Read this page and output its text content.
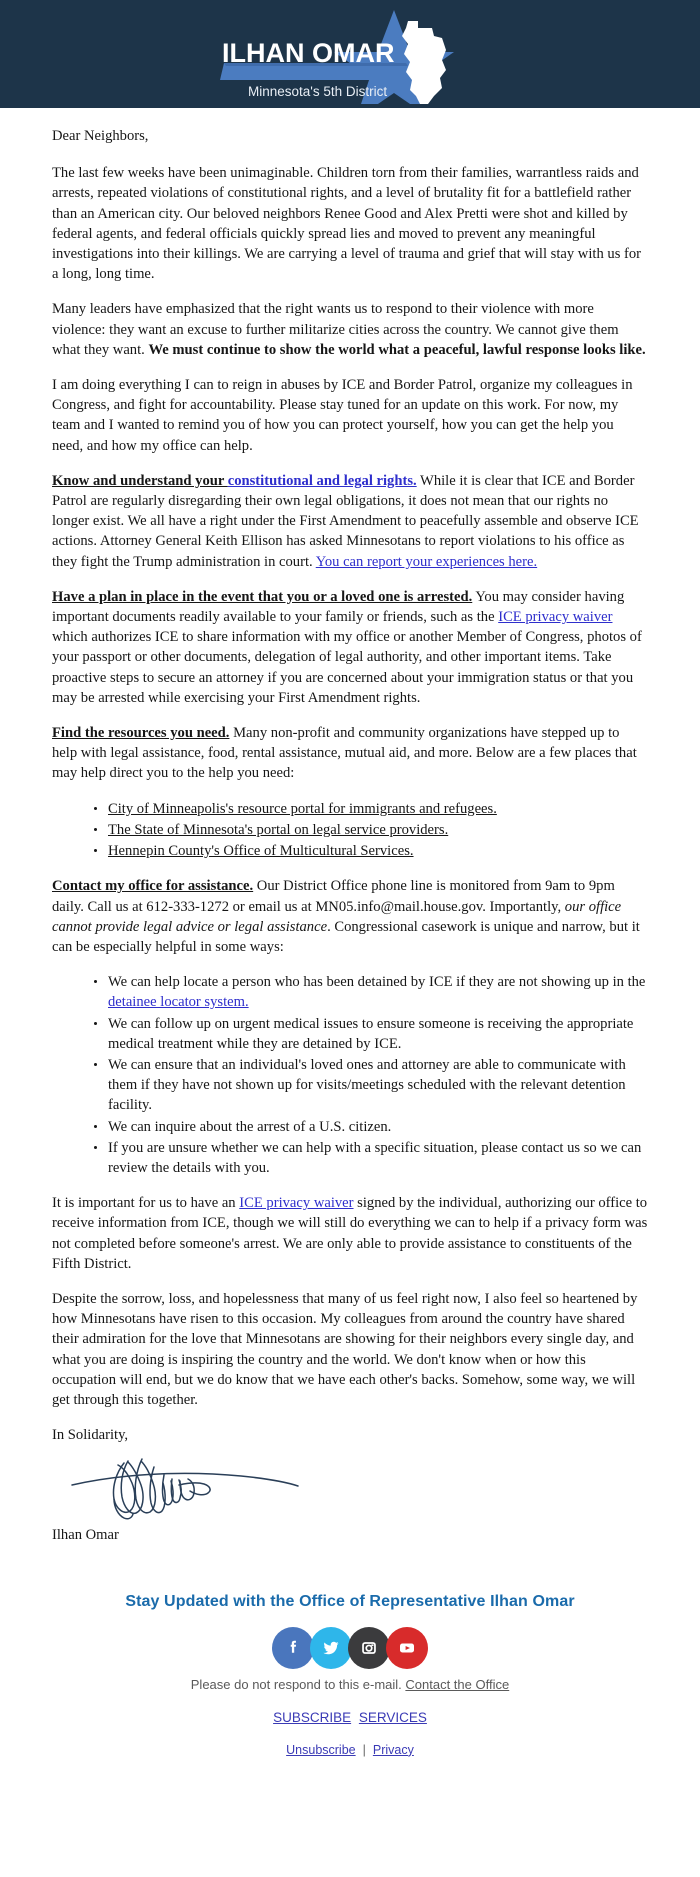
ILHAN OMAR
Minnesota's 5th District

Dear Neighbors,

The last few weeks have been unimaginable. Children torn from their families, warrantless raids and arrests, repeated violations of constitutional rights, and a level of brutality fit for a battlefield rather than an American city. Our beloved neighbors Renee Good and Alex Pretti were shot and killed by federal agents, and federal officials quickly spread lies and moved to prevent any meaningful investigations into their killings. We are carrying a level of trauma and grief that will stay with us for a long, long time.

Many leaders have emphasized that the right wants us to respond to their violence with more violence: they want an excuse to further militarize cities across the country. We cannot give them what they want. We must continue to show the world what a peaceful, lawful response looks like.

I am doing everything I can to reign in abuses by ICE and Border Patrol, organize my colleagues in Congress, and fight for accountability. Please stay tuned for an update on this work. For now, my team and I wanted to remind you of how you can protect yourself, how you can get the help you need, and how my office can help.

Know and understand your constitutional and legal rights. While it is clear that ICE and Border Patrol are regularly disregarding their own legal obligations, it does not mean that our rights no longer exist. We all have a right under the First Amendment to peacefully assemble and observe ICE actions. Attorney General Keith Ellison has asked Minnesotans to report violations to his office as they fight the Trump administration in court. You can report your experiences here.

Have a plan in place in the event that you or a loved one is arrested. You may consider having important documents readily available to your family or friends, such as the ICE privacy waiver which authorizes ICE to share information with my office or another Member of Congress, photos of your passport or other documents, delegation of legal authority, and other important items. Take proactive steps to secure an attorney if you are concerned about your immigration status or that you may be arrested while exercising your First Amendment rights.

Find the resources you need. Many non-profit and community organizations have stepped up to help with legal assistance, food, rental assistance, mutual aid, and more. Below are a few places that may help direct you to the help you need:

City of Minneapolis's resource portal for immigrants and refugees.
The State of Minnesota's portal on legal service providers.
Hennepin County's Office of Multicultural Services.

Contact my office for assistance. Our District Office phone line is monitored from 9am to 9pm daily. Call us at 612-333-1272 or email us at MN05.info@mail.house.gov. Importantly, our office cannot provide legal advice or legal assistance. Congressional casework is unique and narrow, but it can be especially helpful in some ways:

We can help locate a person who has been detained by ICE if they are not showing up in the detainee locator system.
We can follow up on urgent medical issues to ensure someone is receiving the appropriate medical treatment while they are detained by ICE.
We can ensure that an individual's loved ones and attorney are able to communicate with them if they have not shown up for visits/meetings scheduled with the relevant detention facility.
We can inquire about the arrest of a U.S. citizen.
If you are unsure whether we can help with a specific situation, please contact us so we can review the details with you.

It is important for us to have an ICE privacy waiver signed by the individual, authorizing our office to receive information from ICE, though we will still do everything we can to help if a privacy form was not completed before someone's arrest. We are only able to provide assistance to constituents of the Fifth District.

Despite the sorrow, loss, and hopelessness that many of us feel right now, I also feel so heartened by how Minnesotans have risen to this occasion. My colleagues from around the country have shared their admiration for the love that Minnesotans are showing for their neighbors every single day, and what you are doing is inspiring the country and the world. We don't know when or how this occupation will end, but we do know that we have each other's backs. Somehow, some way, we will get through this together.

In Solidarity,

Ilhan Omar

Stay Updated with the Office of Representative Ilhan Omar
Please do not respond to this e-mail. Contact the Office
SUBSCRIBE SERVICES
Unsubscribe | Privacy
